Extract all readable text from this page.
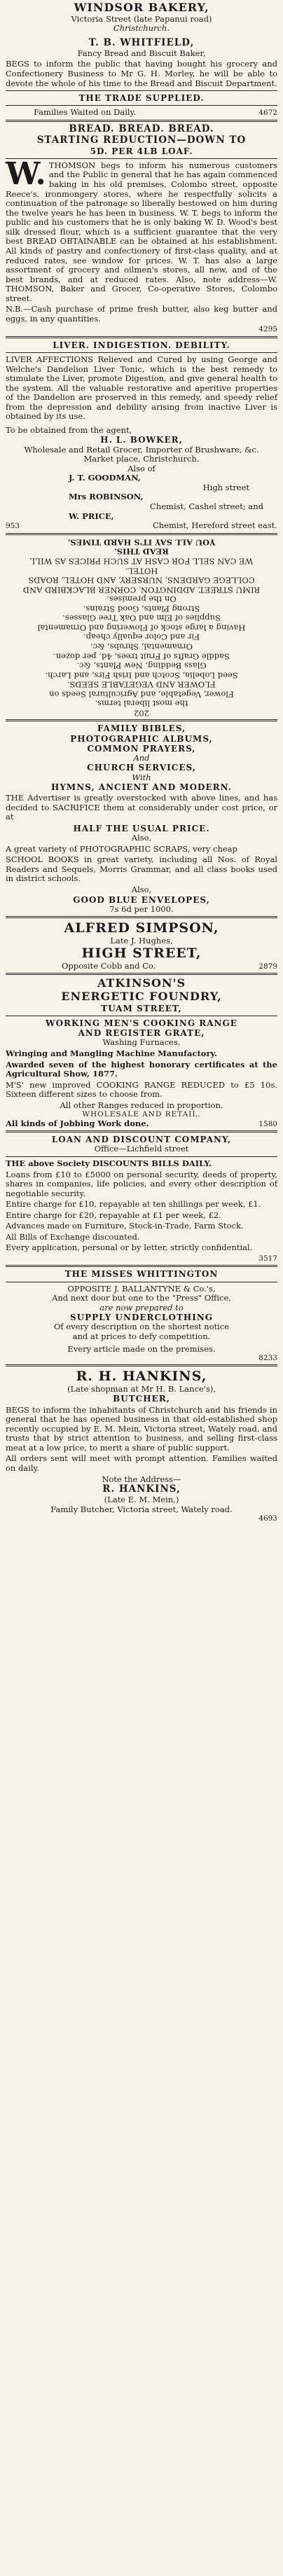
WINDSOR BAKERY,
Victoria Street (late Papanui road)
Christchurch.
T. B. WHITFIELD,
Fancy Bread and Biscuit Baker,
BEGS to inform the public that having bought his grocery and Confectionery Business to Mr G. H. Morley, he will be able to devote the whole of his time to the Bread and Biscuit Department.
THE TRADE SUPPLIED.
Families Waited on Daily.	4672
BREAD. BREAD. BREAD.
STARTING REDUCTION—DOWN TO
5D. PER 4LB LOAF.
W. THOMSON begs to inform his numerous customers and the Public in general that he has again commenced baking in his old premises, Colombo street, opposite Reece's, ironmongery stores, where he respectfully solicits a continuation of the patronage so liberally bestowed on him during the twelve years he has been in business. W. T. begs to inform the public and his customers that he is only baking W. D. Wood's best silk dressed flour, which is a sufficient guarantee that the very best BREAD OBTAINABLE can be obtained at his establishment. All kinds of pastry and confectionery of first-class quality, and at reduced rates, see window for prices. W. T. has also a large assortment of grocery and oilmen's stores, all new, and of the best brands, and at reduced rates. Also, note address—W. THOMSON, Baker and Grocer, Co-operative Stores, Colombo street.
N.B.—Cash purchase of prime fresh butter, also keg butter and eggs, in any quantities.
4295
LIVER. INDIGESTION. DEBILITY.
LIVER AFFECTIONS Relieved and Cured by using George and Welche's Dandelion Liver Tonic, which is the best remedy to stimulate the Liver, promote Digestion, and give general health to the system. All the valuable restorative and aperitive properties of the Dandelion are preserved in this remedy, and speedy relief from the depression and debility arising from inactive Liver is obtained by its use.
To be obtained from the agent,
H. L. BOWKER,
Wholesale and Retail Grocer, Importer of Brushware, &c.
Market place, Christchurch.
Also of
J. T. GOODMAN,
High street
Mrs ROBINSON,
Chemist, Cashel street; and
W. PRICE,
953	Chemist, Hereford street east.
202
the most liberal terms.
Flower, Vegetable, and Agricultural Seeds on
FLOWER AND VEGETABLE SEEDS.
Seed Lobelia, Scotch and Irish Firs, and Larch.
Glass Bedding, New Plants, &c.
Saddle Grafts of Fruit trees, 4d. per dozen.
Ornamental, Shrubs, &c.
Fir and Color equally cheap.
Having a large stock of Flowering and Ornamental
Supplies of Elm and Oak Tree Glasses.
Strong Plants, Good Strains.
On the premises.
RIMU STREET, ADDINGTON. CORNER BLACKBIRD AND
COLLEGE GARDENS, NURSERY, AND HOTEL, ROADS
HOTEL.
WE CAN SELL FOR CASH AT SUCH PRICES AS WILL
READ THIS.
YOU ALL SAY IT'S HARD TIMES.
FAMILY BIBLES,
PHOTOGRAPHIC ALBUMS,
COMMON PRAYERS,
And
CHURCH SERVICES,
With
HYMNS, ANCIENT AND MODERN.
THE Advertiser is greatly overstocked with above lines, and has decided to SACRIFICE them at considerably under cost price, or at
HALF THE USUAL PRICE.
Also,
A great variety of PHOTOGRAPHIC SCRAPS, very cheap
SCHOOL BOOKS in great variety, including all Nos. of Royal Readers and Sequels, Morris Grammar, and all class books used in district schools.
Also,
GOOD BLUE ENVELOPES,
7s 6d per 1000.
ALFRED SIMPSON,
Late J. Hughes,
HIGH STREET,
Opposite Cobb and Co.	2879
ATKINSON'S
ENERGETIC FOUNDRY,
TUAM STREET,
WORKING MEN'S COOKING RANGE
AND REGISTER GRATE,
Washing Furnaces,
Wringing and Mangling Machine Manufactory.
Awarded seven of the highest honorary certificates at the Agricultural Show, 1877.
M'S' new improved COOKING RANGE REDUCED to £5 10s. Sixteen different sizes to choose from.
All other Ranges reduced in proportion.
WHOLESALE AND RETAIL.
All kinds of Jobbing Work done.	1580
LOAN AND DISCOUNT COMPANY,
Office—Lichfield street
THE above Society DISCOUNTS BILLS DAILY.
Loans from £10 to £5000 on personal security, deeds of property, shares in companies, life policies, and every other description of negotiable security.
Entire charge for £10, repayable at ten shillings per week, £1.
Entire charge for £20, repayable at £1 per week, £2.
Advances made on Furniture, Stock-in-Trade, Farm Stock.
All Bills of Exchange discounted.
Every application, personal or by letter, strictly confidential.
3517
THE MISSES WHITTINGTON
OPPOSITE J. BALLANTYNE & Co.'s,
And next door but one to the "Press" Office,
are now prepared to
SUPPLY UNDERCLOTHING
Of every description on the shortest notice
and at prices to defy competition.
Every article made on the premises.
8233
R. H. HANKINS,
(Late shopman at Mr H. B. Lance's),
BUTCHER,
BEGS to inform the inhabitants of Christchurch and his friends in general that he has opened business in that old-established shop recently occupied by E. M. Mein, Victoria street, Wately road, and trusts that by strict attention to business, and selling first-class meat at a low price, to merit a share of public support.
All orders sent will meet with prompt attention. Families waited on daily.
Note the Address—
R. HANKINS,
(Late E. M. Mein,)
Family Butcher, Victoria street, Wately road.
4693
